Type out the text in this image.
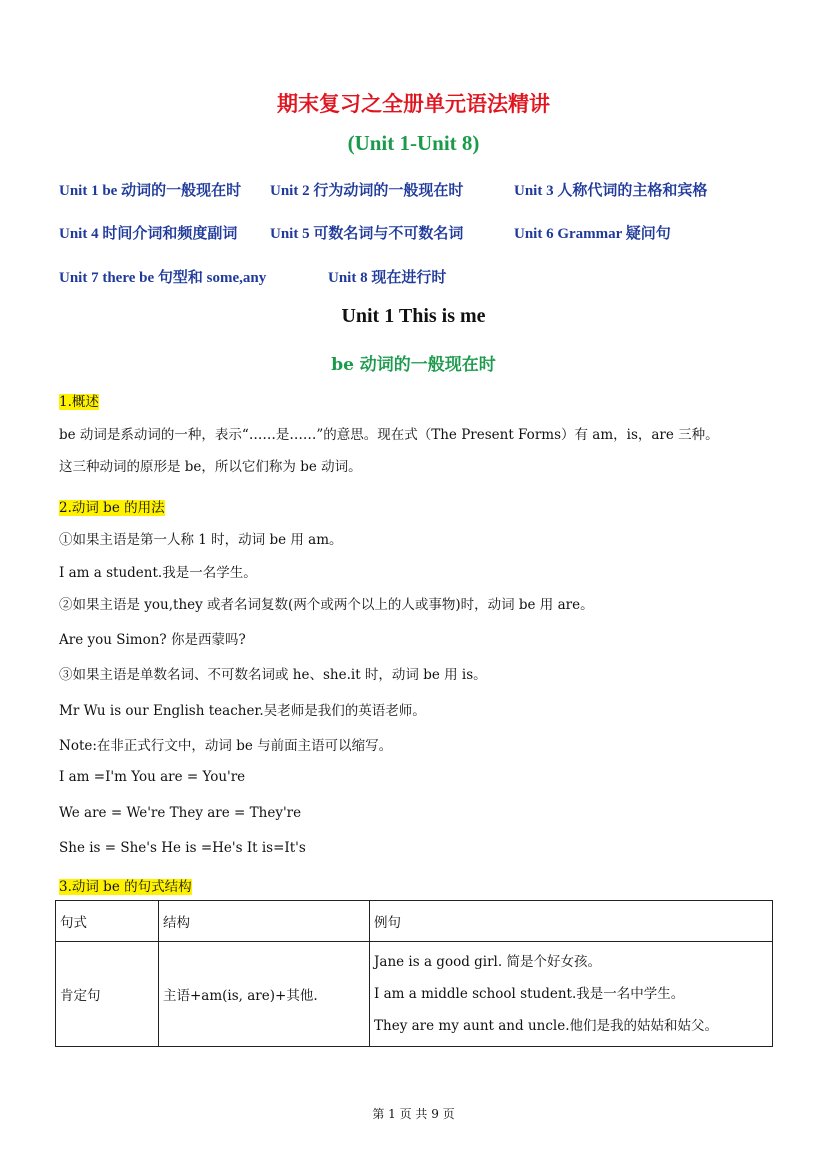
期末复习之全册单元语法精讲
(Unit 1-Unit 8)
Unit 1 be 动词的一般现在时 Unit 2 行为动词的一般现在时	Unit 3 人称代词的主格和宾格
Unit 4 时间介词和频度副词 Unit 5 可数名词与不可数名词	Unit 6 Grammar 疑问句
Unit 7 there be 句型和 some,any	Unit 8 现在进行时
Unit 1 This is me
be 动词的一般现在时
1.概述
be 动词是系动词的一种，表示“……是……”的意思。现在式（The Present Forms）有 am，is，are 三种。
这三种动词的原形是 be，所以它们称为 be 动词。
2.动词 be 的用法
①如果主语是第一人称 1 时，动词 be 用 am。
I am a student.我是一名学生。
②如果主语是 you,they 或者名词复数(两个或两个以上的人或事物)时，动词 be 用 are。
Are you Simon? 你是西蒙吗?
③如果主语是单数名词、不可数名词或 he、she.it 时，动词 be 用 is。
Mr Wu is our English teacher.吴老师是我们的英语老师。
Note:在非正式行文中，动词 be 与前面主语可以缩写。
I am =I'm You are = You're
We are = We're They are = They're
She is = She's He is =He's It is=It's
3.动词 be 的句式结构
句式	结构	例句
肯定句	主语+am(is, are)+其他.	Jane is a good girl. 简是个好女孩。
I am a middle school student.我是一名中学生。
They are my aunt and uncle.他们是我的姑姑和姑父。
第 1 页 共 9 页
